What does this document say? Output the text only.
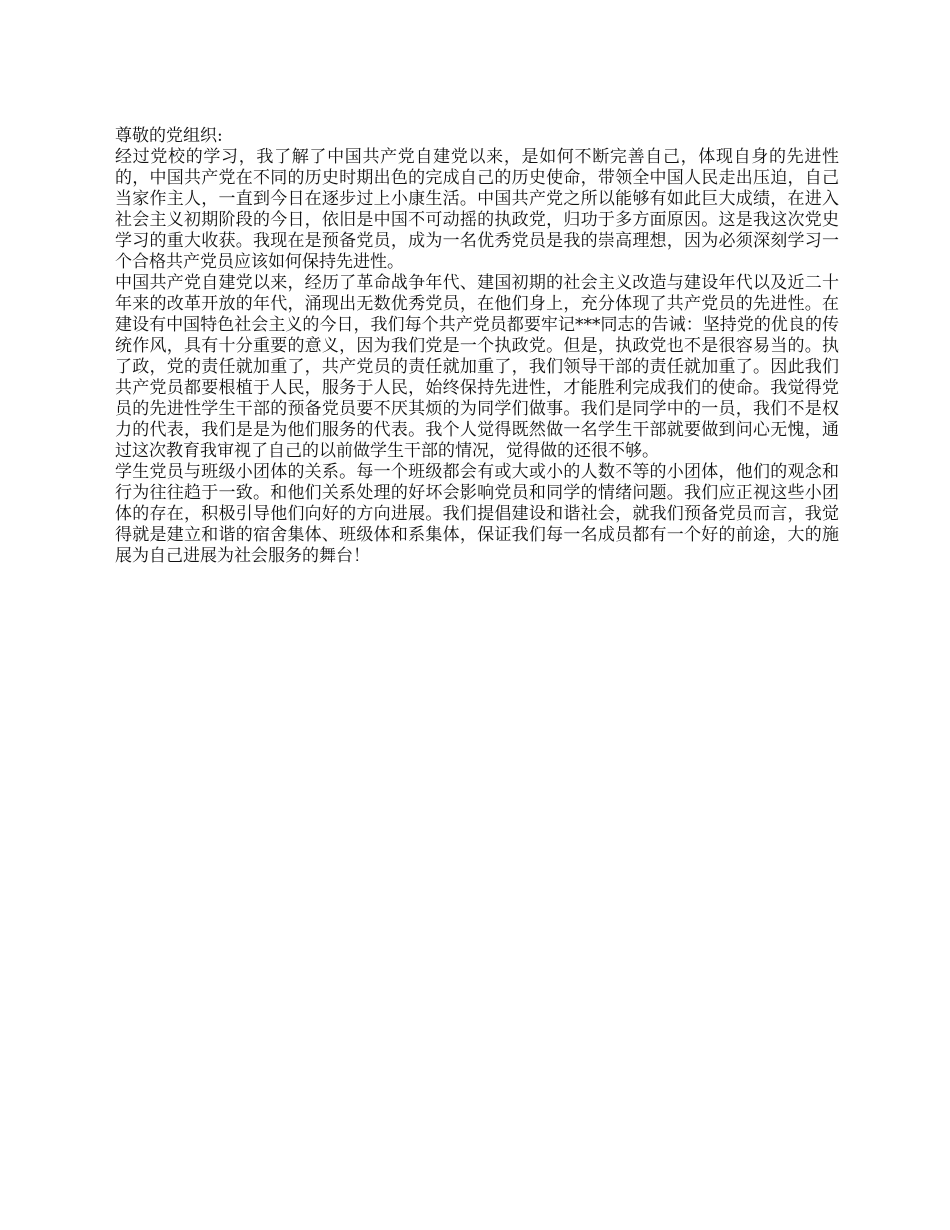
尊敬的党组织:

经过党校的学习，我了解了中国共产党自建党以来，是如何不断完善自己，体现自身的先进性的，中国共产党在不同的历史时期出色的完成自己的历史使命，带领全中国人民走出压迫，自己当家作主人，一直到今日在逐步过上小康生活。中国共产党之所以能够有如此巨大成绩，在进入社会主义初期阶段的今日，依旧是中国不可动摇的执政党，归功于多方面原因。这是我这次党史学习的重大收获。我现在是预备党员，成为一名优秀党员是我的崇高理想，因为必须深刻学习一个合格共产党员应该如何保持先进性。

中国共产党自建党以来，经历了革命战争年代、建国初期的社会主义改造与建设年代以及近二十年来的改革开放的年代，涌现出无数优秀党员，在他们身上，充分体现了共产党员的先进性。在建设有中国特色社会主义的今日，我们每个共产党员都要牢记***同志的告诫：坚持党的优良的传统作风，具有十分重要的意义，因为我们党是一个执政党。但是，执政党也不是很容易当的。执了政，党的责任就加重了，共产党员的责任就加重了，我们领导干部的责任就加重了。因此我们共产党员都要根植于人民，服务于人民，始终保持先进性，才能胜利完成我们的使命。我觉得党员的先进性学生干部的预备党员要不厌其烦的为同学们做事。我们是同学中的一员，我们不是权力的代表，我们是是为他们服务的代表。我个人觉得既然做一名学生干部就要做到问心无愧，通过这次教育我审视了自己的以前做学生干部的情况，觉得做的还很不够。

学生党员与班级小团体的关系。每一个班级都会有或大或小的人数不等的小团体，他们的观念和行为往往趋于一致。和他们关系处理的好坏会影响党员和同学的情绪问题。我们应正视这些小团体的存在，积极引导他们向好的方向进展。我们提倡建设和谐社会，就我们预备党员而言，我觉得就是建立和谐的宿舍集体、班级体和系集体，保证我们每一名成员都有一个好的前途，大的施展为自己进展为社会服务的舞台！
